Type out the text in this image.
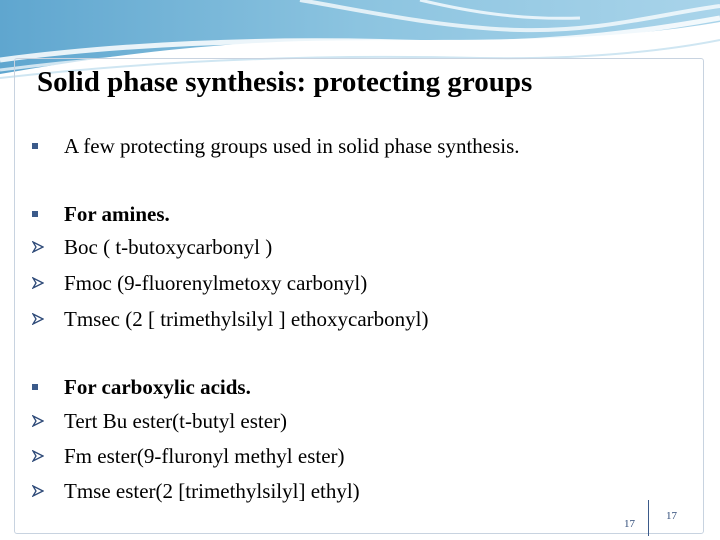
Solid phase synthesis: protecting groups
A few protecting groups used in solid phase synthesis.
For amines.
Boc ( t-butoxycarbonyl )
Fmoc (9-fluorenylmetoxy carbonyl)
Tmsec (2 [ trimethylsilyl ] ethoxycarbonyl)
For carboxylic acids.
Tert Bu ester(t-butyl ester)
Fm ester(9-fluronyl methyl ester)
Tmse ester(2 [trimethylsilyl] ethyl)
17
17
